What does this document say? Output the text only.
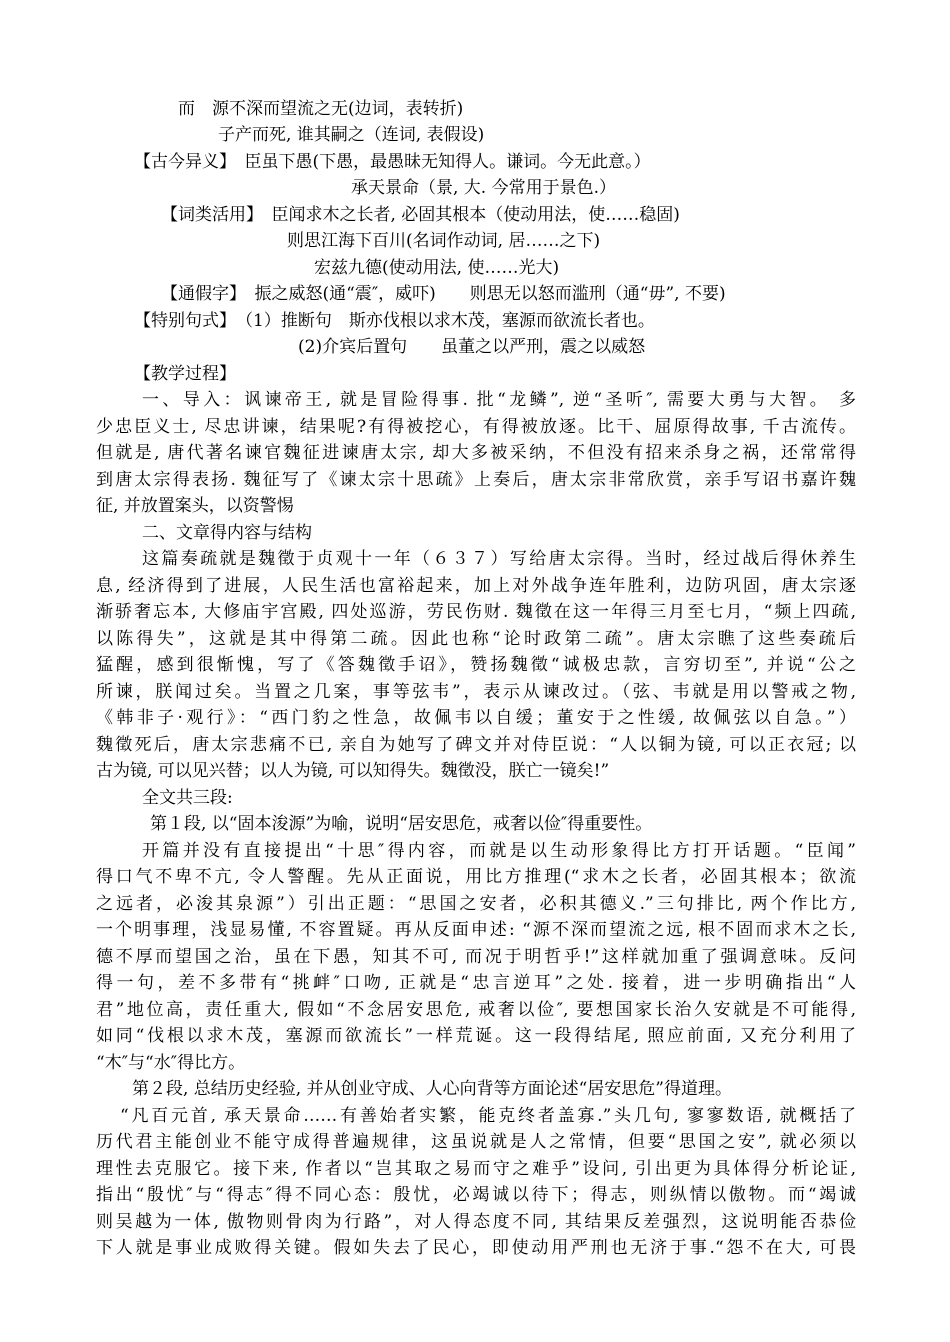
而　源不深而望流之无(边词，表转折)
子产而死, 谁其嗣之（连词, 表假设)
【古今异义】　臣虽下愚(下愚，最愚昧无知得人。谦词。今无此意。）
承天景命（景, 大. 今常用于景色.）
【词类活用】　臣闻求木之长者, 必固其根本（使动用法，使……稳固)
则思江海下百川(名词作动词, 居……之下)
宏兹九德(使动用法, 使……光大)
【通假字】　振之威怒(通“震″，威吓)　　则思无以怒而滥刑（通“毋”, 不要)
【特别句式】　（1）推断句　斯亦伐根以求木茂，塞源而欲流长者也。
(2)介宾后置句　　虽董之以严刑，震之以威怒
【教学过程】
一、导入：讽谏帝王, 就是冒险得事. 批“龙鳞”, 逆“圣听″, 需要大勇与大智。 多
少忠臣义士, 尽忠讲谏，结果呢?有得被挖心，有得被放逐。比干、屈原得故事, 千古流传。
但就是, 唐代著名谏官魏征进谏唐太宗, 却大多被采纳，不但没有招来杀身之祸，还常常得
到唐太宗得表扬. 魏征写了《谏太宗十思疏》上奏后，唐太宗非常欣赏，亲手写诏书嘉许魏
征, 并放置案头，以资警惕
二、文章得内容与结构
这篇奏疏就是魏徵于贞观十一年（６３７）写给唐太宗得。当时，经过战后得休养生
息, 经济得到了进展，人民生活也富裕起来，加上对外战争连年胜利，边防巩固，唐太宗逐
渐骄奢忘本, 大修庙宇宫殿, 四处巡游，劳民伤财. 魏徵在这一年得三月至七月，“频上四疏,
以陈得失”，这就是其中得第二疏。因此也称“论时政第二疏”。唐太宗瞧了这些奏疏后
猛醒，感到很惭愧，写了《答魏徵手诏》，赞扬魏徵“诚极忠款，言穷切至”, 并说“公之
所谏，朕闻过矣。当置之几案，事等弦韦”，表示从谏改过。（弦、韦就是用以警戒之物,
《韩非子·观行》：“西门豹之性急，故佩韦以自缓；董安于之性缓, 故佩弦以自急。”）
魏徵死后，唐太宗悲痛不已, 亲自为她写了碑文并对侍臣说：“人以铜为镜, 可以正衣冠; 以
古为镜, 可以见兴替；以人为镜, 可以知得失。魏徵没，朕亡一镜矣!”
全文共三段:
第１段, 以“固本浚源”为喻，说明“居安思危，戒奢以俭″得重要性。
开篇并没有直接提出“十思″得内容，而就是以生动形象得比方打开话题。“臣闻”
得口气不卑不亢, 令人警醒。先从正面说，用比方推理(“求木之长者，必固其根本；欲流
之远者，必浚其泉源”）引出正题：“思国之安者，必积其德义.”三句排比, 两个作比方,
一个明事理，浅显易懂, 不容置疑。再从反面申述: “源不深而望流之远, 根不固而求木之长,
德不厚而望国之治，虽在下愚，知其不可, 而况于明哲乎!”这样就加重了强调意味。反问
得一句，差不多带有“挑衅″口吻, 正就是“忠言逆耳”之处. 接着，进一步明确指出“人
君”地位高，责任重大, 假如“不念居安思危, 戒奢以俭″, 要想国家长治久安就是不可能得,
如同“伐根以求木茂，塞源而欲流长”一样荒诞。这一段得结尾, 照应前面, 又充分利用了
“木″与“水″得比方。
第２段, 总结历史经验, 并从创业守成、人心向背等方面论述“居安思危”得道理。
“凡百元首, 承天景命……有善始者实繁，能克终者盖寡.”头几句, 寥寥数语, 就概括了
历代君主能创业不能守成得普遍规律，这虽说就是人之常情，但要“思国之安”, 就必须以
理性去克服它。接下来, 作者以“岂其取之易而守之难乎”设问, 引出更为具体得分析论证,
指出“殷忧″与“得志″得不同心态：殷忧，必竭诚以待下；得志，则纵情以傲物。而“竭诚
则吴越为一体, 傲物则骨肉为行路”，对人得态度不同, 其结果反差强烈，这说明能否恭俭
下人就是事业成败得关键。假如失去了民心，即使动用严刑也无济于事.“怨不在大, 可畏
